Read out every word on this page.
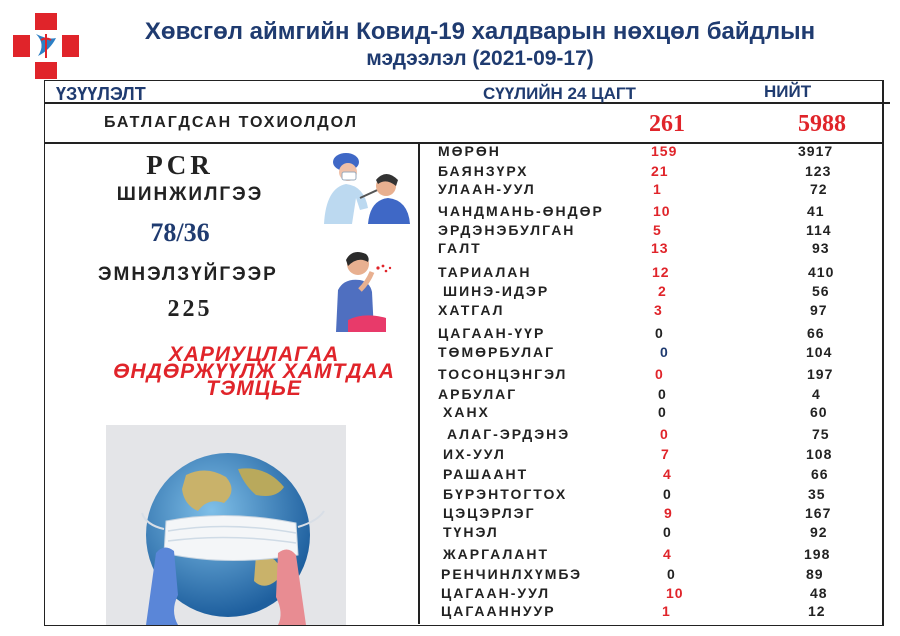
Хөвсгөл аймгийн Ковид-19 халдварын нөхцөл байдлын
мэдээлэл (2021-09-17)
ҮЗҮҮЛЭЛТ	СҮҮЛИЙН 24 ЦАГТ	НИЙТ
БАТЛАГДСАН ТОХИОЛДОЛ	261	5988
PCR
ШИНЖИЛГЭЭ
78/36
ЭМНЭЛЗҮЙГЭЭР
225
ХАРИУЦЛАГАА
ӨНДӨРЖҮҮЛЖ ХАМТДАА
ТЭМЦЬЕ
МӨРӨН	159	3917
БАЯНЗҮРХ	21	123
УЛААН-УУЛ	1	72
ЧАНДМАНЬ-ӨНДӨР	10	41
ЭРДЭНЭБУЛГАН	5	114
ГАЛТ	13	93
ТАРИАЛАН	12	410
ШИНЭ-ИДЭР	2	56
ХАТГАЛ	3	97
ЦАГААН-ҮҮР	0	66
ТӨМӨРБУЛАГ	0	104
ТОСОНЦЭНГЭЛ	0	197
АРБУЛАГ	0	4
ХАНХ	0	60
АЛАГ-ЭРДЭНЭ	0	75
ИХ-УУЛ	7	108
РАШААНТ	4	66
БҮРЭНТОГТОХ	0	35
ЦЭЦЭРЛЭГ	9	167
ТҮНЭЛ	0	92
ЖАРГАЛАНТ	4	198
РЕНЧИНЛХҮМБЭ	0	89
ЦАГААН-УУЛ	10	48
ЦАГААННУУР	1	12
